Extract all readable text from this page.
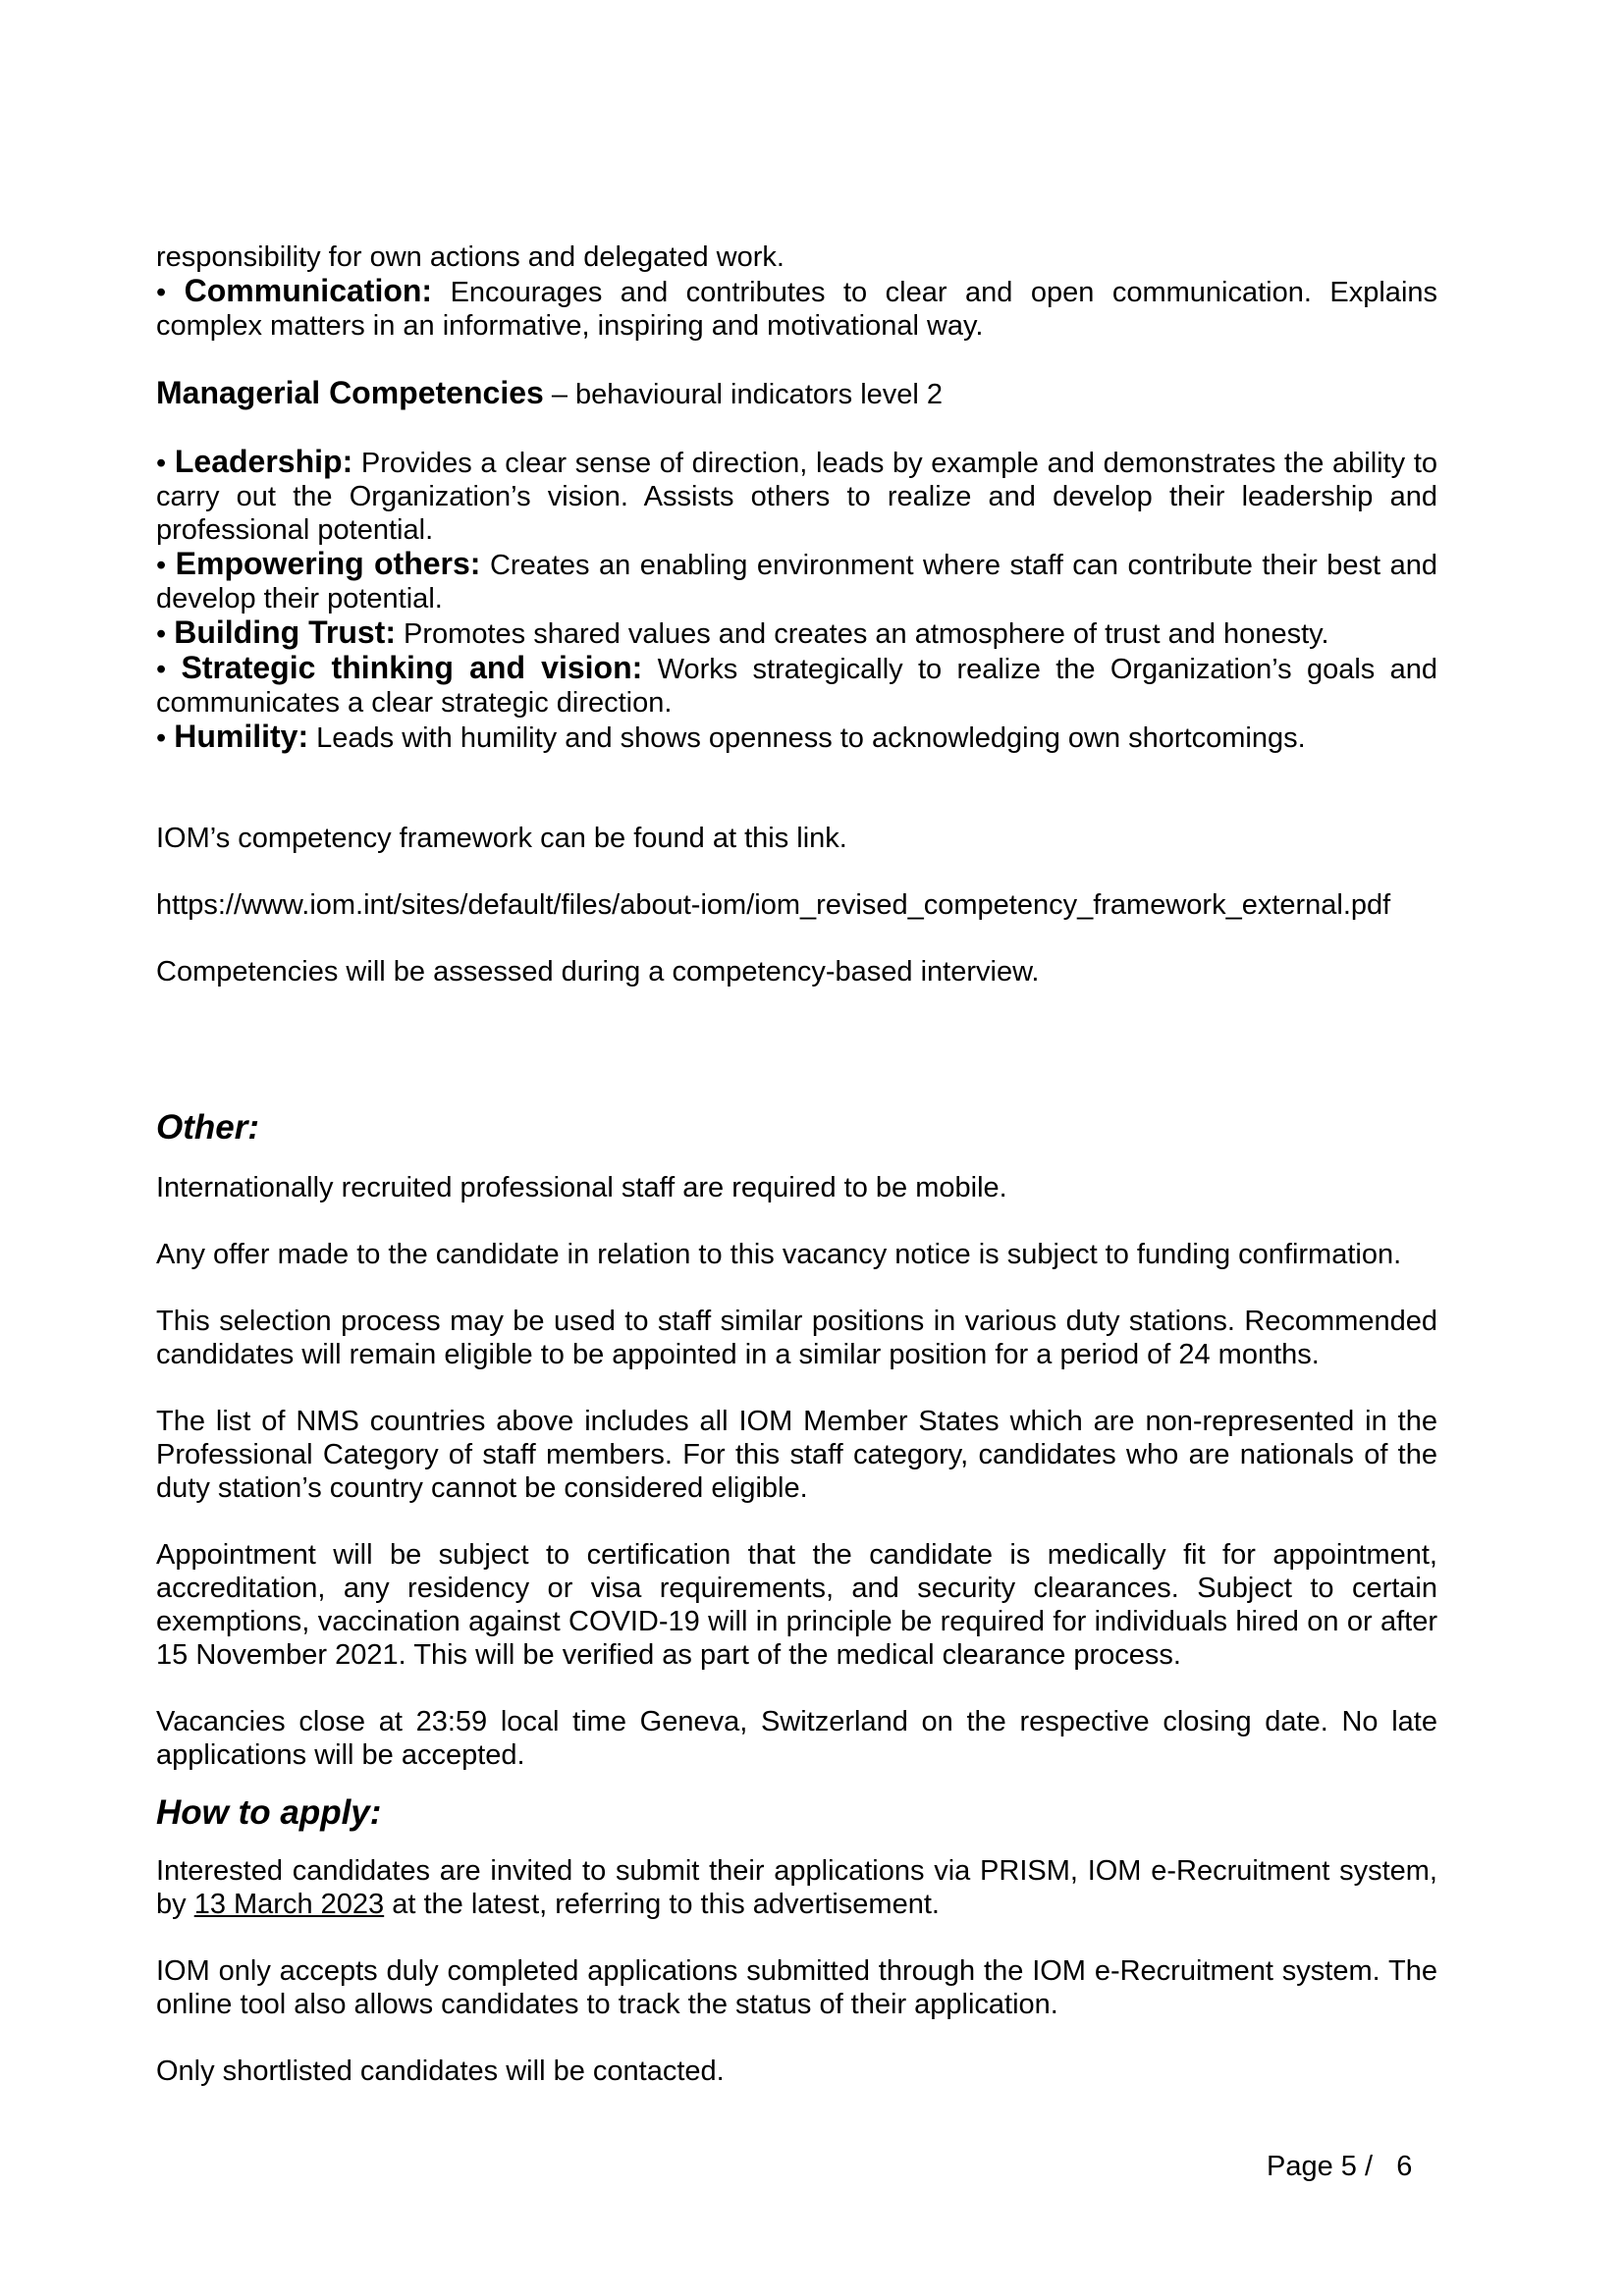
responsibility for own actions and delegated work.

• Communication: Encourages and contributes to clear and open communication. Explains complex matters in an informative, inspiring and motivational way.

Managerial Competencies – behavioural indicators level 2

• Leadership: Provides a clear sense of direction, leads by example and demonstrates the ability to carry out the Organization’s vision. Assists others to realize and develop their leadership and professional potential.

• Empowering others: Creates an enabling environment where staff can contribute their best and develop their potential.

• Building Trust: Promotes shared values and creates an atmosphere of trust and honesty.

• Strategic thinking and vision: Works strategically to realize the Organization’s goals and communicates a clear strategic direction.

• Humility: Leads with humility and shows openness to acknowledging own shortcomings.

IOM’s competency framework can be found at this link.

https://www.iom.int/sites/default/files/about-iom/iom_revised_competency_framework_external.pdf

Competencies will be assessed during a competency-based interview.

Other:

Internationally recruited professional staff are required to be mobile.

Any offer made to the candidate in relation to this vacancy notice is subject to funding confirmation.

This selection process may be used to staff similar positions in various duty stations. Recommended candidates will remain eligible to be appointed in a similar position for a period of 24 months.

The list of NMS countries above includes all IOM Member States which are non-represented in the Professional Category of staff members. For this staff category, candidates who are nationals of the duty station’s country cannot be considered eligible.

Appointment will be subject to certification that the candidate is medically fit for appointment, accreditation, any residency or visa requirements, and security clearances. Subject to certain exemptions, vaccination against COVID-19 will in principle be required for individuals hired on or after 15 November 2021. This will be verified as part of the medical clearance process.

Vacancies close at 23:59 local time Geneva, Switzerland on the respective closing date. No late applications will be accepted.

How to apply:

Interested candidates are invited to submit their applications via PRISM, IOM e-Recruitment system, by 13 March 2023 at the latest, referring to this advertisement.

IOM only accepts duly completed applications submitted through the IOM e-Recruitment system. The online tool also allows candidates to track the status of their application.

Only shortlisted candidates will be contacted.

Page 5 /   6
